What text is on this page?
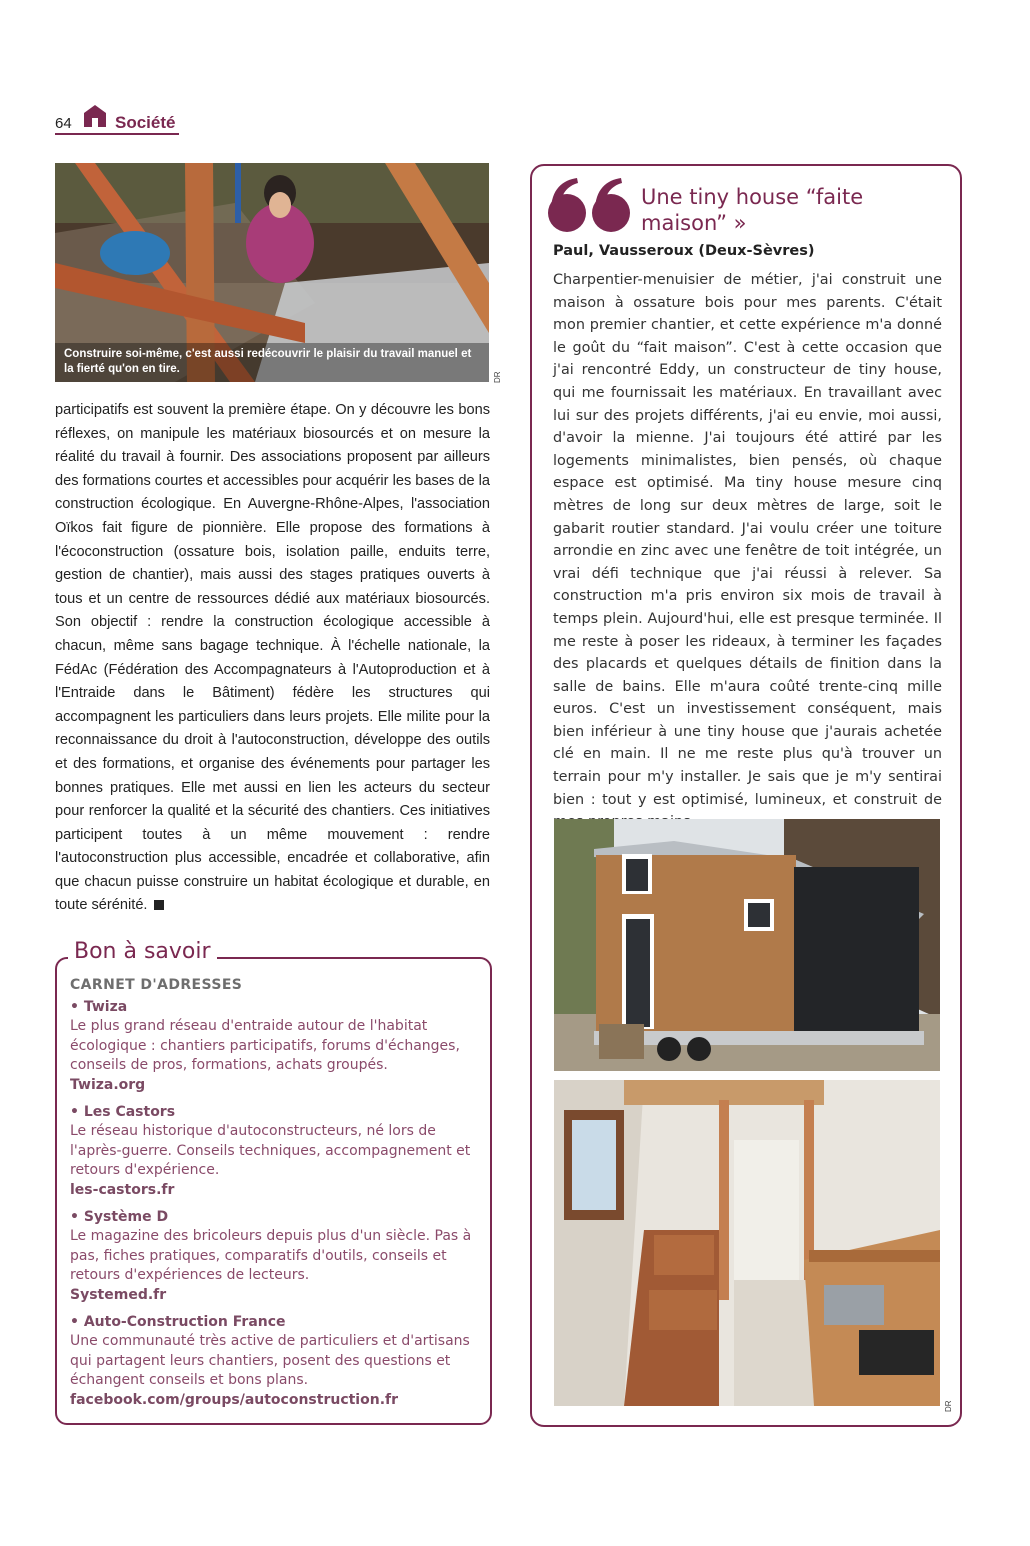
64	Société
Construire soi-même, c'est aussi redécouvrir le plaisir du travail manuel et la fierté qu'on en tire.
DR
participatifs est souvent la première étape. On y découvre les bons réflexes, on manipule les matériaux biosourcés et on mesure la réalité du travail à fournir. Des associations proposent par ailleurs des formations courtes et accessibles pour acquérir les bases de la construction écologique. En Auvergne-Rhône-Alpes, l'association Oïkos fait figure de pionnière. Elle propose des formations à l'écoconstruction (ossature bois, isolation paille, enduits terre, gestion de chantier), mais aussi des stages pratiques ouverts à tous et un centre de ressources dédié aux matériaux biosourcés. Son objectif : rendre la construction écologique accessible à chacun, même sans bagage technique. À l'échelle nationale, la FédAc (Fédération des Accompagnateurs à l'Autoproduction et à l'Entraide dans le Bâtiment) fédère les structures qui accompagnent les particuliers dans leurs projets. Elle milite pour la reconnaissance du droit à l'autoconstruction, développe des outils et des formations, et organise des événements pour partager les bonnes pratiques. Elle met aussi en lien les acteurs du secteur pour renforcer la qualité et la sécurité des chantiers. Ces initiatives participent toutes à un même mouvement : rendre l'autoconstruction plus accessible, encadrée et collaborative, afin que chacun puisse construire un habitat écologique et durable, en toute sérénité.
Bon à savoir
CARNET D'ADRESSES
• Twiza
Le plus grand réseau d'entraide autour de l'habitat écologique : chantiers participatifs, forums d'échanges, conseils de pros, formations, achats groupés.
Twiza.org
• Les Castors
Le réseau historique d'autoconstructeurs, né lors de l'après-guerre. Conseils techniques, accompagnement et retours d'expérience.
les-castors.fr
• Système D
Le magazine des bricoleurs depuis plus d'un siècle. Pas à pas, fiches pratiques, comparatifs d'outils, conseils et retours d'expériences de lecteurs.
Systemed.fr
• Auto-Construction France
Une communauté très active de particuliers et d'artisans qui partagent leurs chantiers, posent des questions et échangent conseils et bons plans.
facebook.com/groups/autoconstruction.fr
Une tiny house “faite maison” »
Paul, Vausseroux (Deux-Sèvres)
Charpentier-menuisier de métier, j'ai construit une maison à ossature bois pour mes parents. C'était mon premier chantier, et cette expérience m'a donné le goût du “fait maison”. C'est à cette occasion que j'ai rencontré Eddy, un constructeur de tiny house, qui me fournissait les matériaux. En travaillant avec lui sur des projets différents, j'ai eu envie, moi aussi, d'avoir la mienne. J'ai toujours été attiré par les logements minimalistes, bien pensés, où chaque espace est optimisé. Ma tiny house mesure cinq mètres de long sur deux mètres de large, soit le gabarit routier standard. J'ai voulu créer une toiture arrondie en zinc avec une fenêtre de toit intégrée, un vrai défi technique que j'ai réussi à relever. Sa construction m'a pris environ six mois de travail à temps plein. Aujourd'hui, elle est presque terminée. Il me reste à poser les rideaux, à terminer les façades des placards et quelques détails de finition dans la salle de bains. Elle m'aura coûté trente-cinq mille euros. C'est un investissement conséquent, mais bien inférieur à une tiny house que j'aurais achetée clé en main. Il ne me reste plus qu'à trouver un terrain pour m'y installer. Je sais que je m'y sentirai bien : tout y est optimisé, lumineux, et construit de
DR
